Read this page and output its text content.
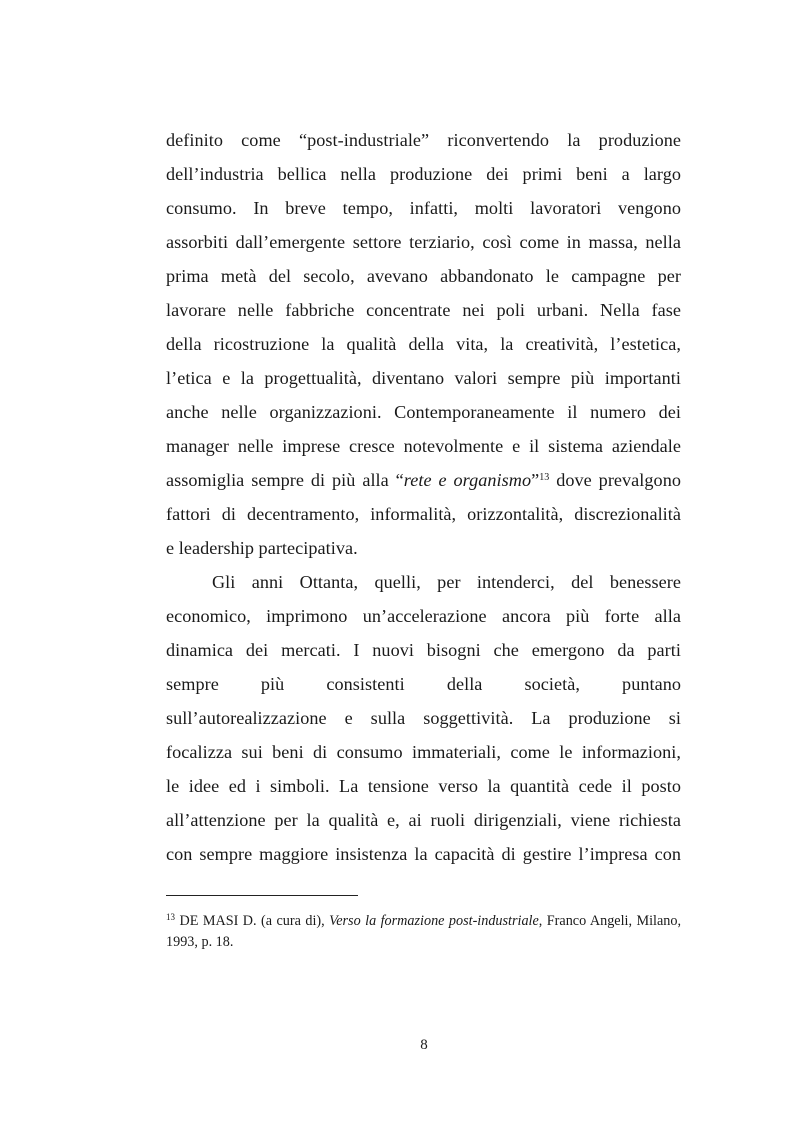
definito come “post-industriale” riconvertendo la produzione
dell’industria bellica nella produzione dei primi beni a largo
consumo. In breve tempo, infatti, molti lavoratori vengono
assorbiti dall’emergente settore terziario, così come in massa, nella
prima metà del secolo, avevano abbandonato le campagne per
lavorare nelle fabbriche concentrate nei poli urbani. Nella fase
della ricostruzione la qualità della vita, la creatività, l’estetica,
l’etica e la progettualità, diventano valori sempre più importanti
anche nelle organizzazioni. Contemporaneamente il numero dei
manager nelle imprese cresce notevolmente e il sistema aziendale
assomiglia sempre di più alla “rete e organismo”$^{13}$ dove prevalgono
fattori di decentramento, informalità, orizzontalità, discrezionalità
e leadership partecipativa.
Gli anni Ottanta, quelli, per intenderci, del benessere
economico, imprimono un’accelerazione ancora più forte alla
dinamica dei mercati. I nuovi bisogni che emergono da parti
sempre più consistenti della società, puntano
sull’autorealizzazione e sulla soggettività. La produzione si
focalizza sui beni di consumo immateriali, come le informazioni,
le idee ed i simboli. La tensione verso la quantità cede il posto
all’attenzione per la qualità e, ai ruoli dirigenziali, viene richiesta
con sempre maggiore insistenza la capacità di gestire l’impresa con
$^{13}$ DE MASI D. (a cura di), Verso la formazione post-industriale, Franco Angeli, Milano,
1993, p. 18.
8
